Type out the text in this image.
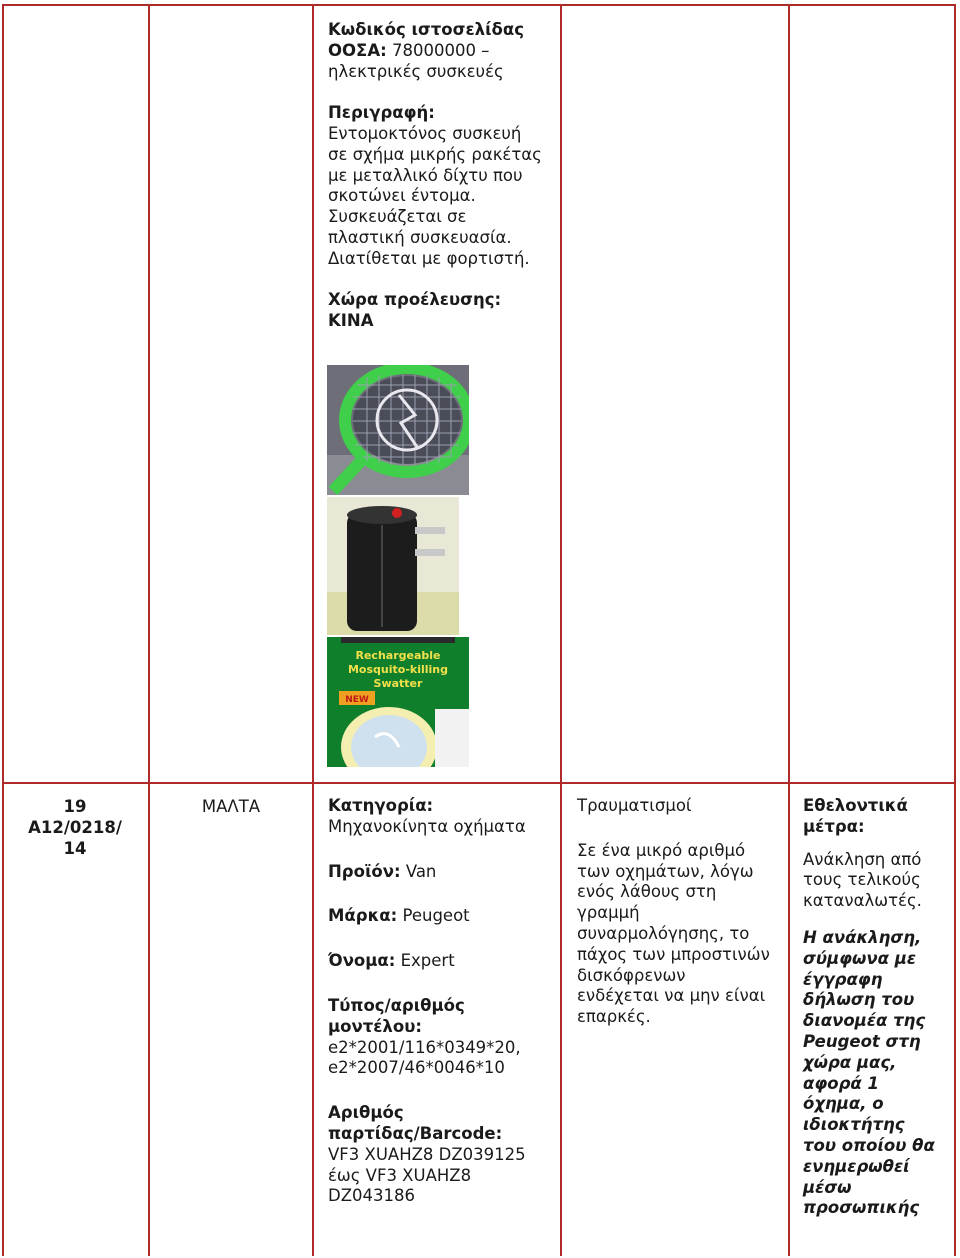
Κωδικός ιστοσελίδας
ΟΟΣΑ: 78000000 –
ηλεκτρικές συσκευές
Περιγραφή:
Εντομοκτόνος συσκευή
σε σχήμα μικρής ρακέτας
με μεταλλικό δίχτυ που
σκοτώνει έντομα.
Συσκευάζεται σε
πλαστική συσκευασία.
Διατίθεται με φορτιστή.
Χώρα προέλευσης:
ΚΙΝΑ
Rechargeable
Mosquito-killing
Swatter
NEW
19
A12/0218/
14
ΜΑΛΤΑ	Κατηγορία:
Μηχανοκίνητα οχήματα
Προϊόν: Van
Μάρκα: Peugeot
Όνομα: Expert
Τύπος/αριθμός
μοντέλου:
e2*2001/116*0349*20,
e2*2007/46*0046*10
Αριθμός
παρτίδας/Barcode:
VF3 XUAHZ8 DZ039125
έως VF3 XUAHZ8
DZ043186
Τραυματισμοί
Σε ένα μικρό αριθμό
των οχημάτων, λόγω
ενός λάθους στη
γραμμή
συναρμολόγησης, το
πάχος των μπροστινών
δισκόφρενων
ενδέχεται να μην είναι
επαρκές.
Εθελοντικά
μέτρα:
Ανάκληση από
τους τελικούς
καταναλωτές.
Η ανάκληση,
σύμφωνα με
έγγραφη
δήλωση του
διανομέα της
Peugeot στη
χώρα μας,
αφορά 1
όχημα, ο
ιδιοκτήτης
του οποίου θα
ενημερωθεί
μέσω
προσωπικής
